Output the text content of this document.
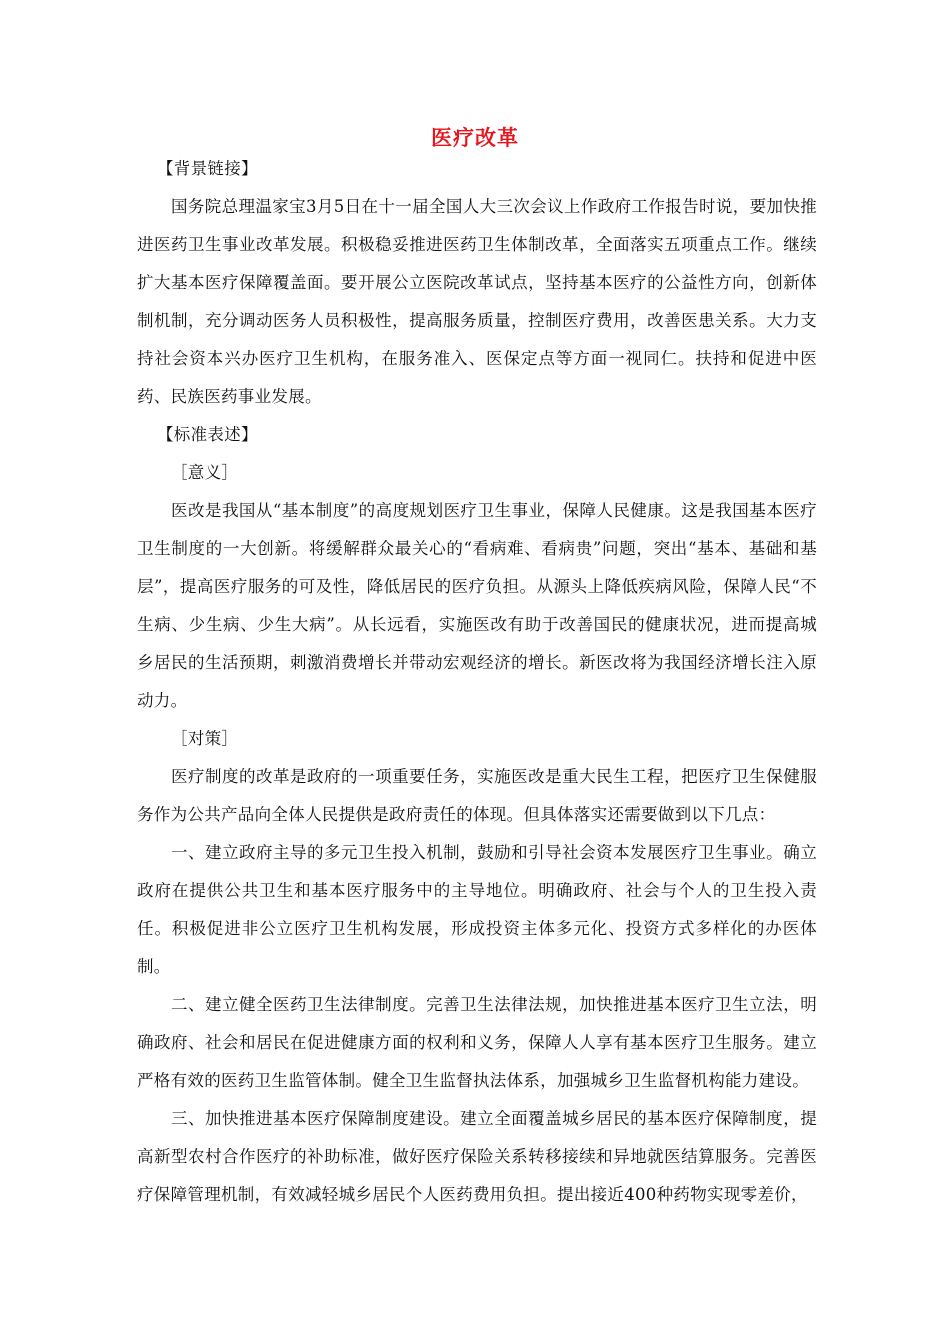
医疗改革

【背景链接】

国务院总理温家宝3月5日在十一届全国人大三次会议上作政府工作报告时说，要加快推进医药卫生事业改革发展。积极稳妥推进医药卫生体制改革，全面落实五项重点工作。继续扩大基本医疗保障覆盖面。要开展公立医院改革试点，坚持基本医疗的公益性方向，创新体制机制，充分调动医务人员积极性，提高服务质量，控制医疗费用，改善医患关系。大力支持社会资本兴办医疗卫生机构，在服务准入、医保定点等方面一视同仁。扶持和促进中医药、民族医药事业发展。

【标准表述】

［意义］

医改是我国从“基本制度”的高度规划医疗卫生事业，保障人民健康。这是我国基本医疗卫生制度的一大创新。将缓解群众最关心的“看病难、看病贵”问题，突出“基本、基础和基层”，提高医疗服务的可及性，降低居民的医疗负担。从源头上降低疾病风险，保障人民“不生病、少生病、少生大病”。从长远看，实施医改有助于改善国民的健康状况，进而提高城乡居民的生活预期，刺激消费增长并带动宏观经济的增长。新医改将为我国经济增长注入原动力。

［对策］

医疗制度的改革是政府的一项重要任务，实施医改是重大民生工程，把医疗卫生保健服务作为公共产品向全体人民提供是政府责任的体现。但具体落实还需要做到以下几点：

一、建立政府主导的多元卫生投入机制，鼓励和引导社会资本发展医疗卫生事业。确立政府在提供公共卫生和基本医疗服务中的主导地位。明确政府、社会与个人的卫生投入责任。积极促进非公立医疗卫生机构发展，形成投资主体多元化、投资方式多样化的办医体制。

二、建立健全医药卫生法律制度。完善卫生法律法规，加快推进基本医疗卫生立法，明确政府、社会和居民在促进健康方面的权利和义务，保障人人享有基本医疗卫生服务。建立严格有效的医药卫生监管体制。健全卫生监督执法体系，加强城乡卫生监督机构能力建设。

三、加快推进基本医疗保障制度建设。建立全面覆盖城乡居民的基本医疗保障制度，提高新型农村合作医疗的补助标准，做好医疗保险关系转移接续和异地就医结算服务。完善医疗保障管理机制，有效减轻城乡居民个人医药费用负担。提出接近400种药物实现零差价，
